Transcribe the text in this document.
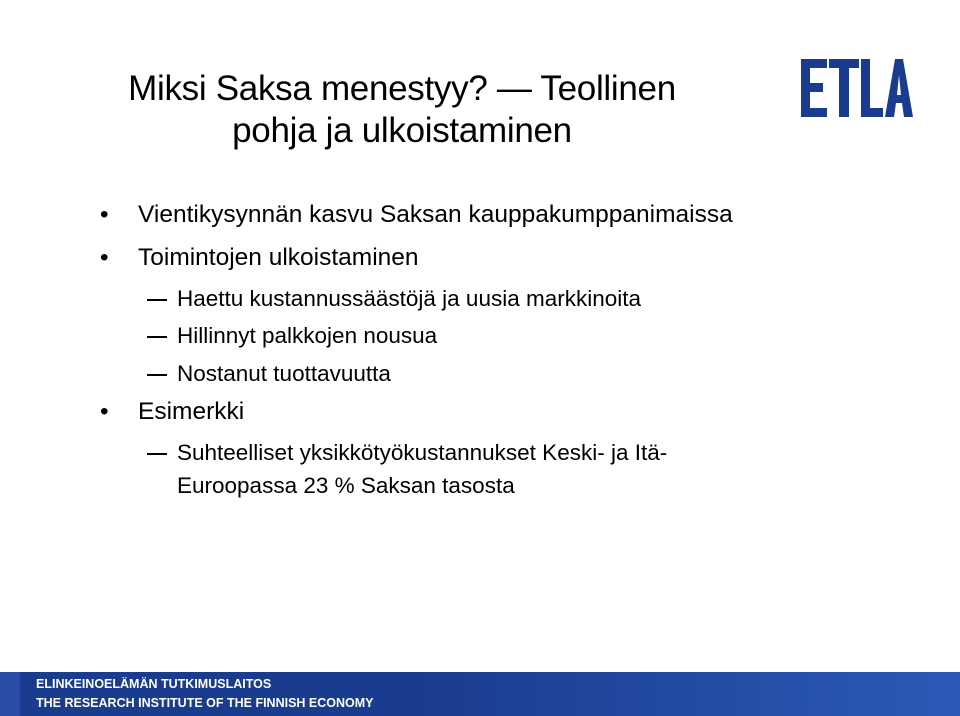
Miksi Saksa menestyy? — Teollinen
pohja ja ulkoistaminen
• Vientikysynnän kasvu Saksan kauppakumppanimaissa
• Toimintojen ulkoistaminen
Haettu kustannussäästöjä ja uusia markkinoita
Hillinnyt palkkojen nousua
Nostanut tuottavuutta
• Esimerkki
Suhteelliset yksikkötyökustannukset Keski- ja Itä-
Euroopassa 23 % Saksan tasosta
ELINKEINOELÄMÄN TUTKIMUSLAITOS
THE RESEARCH INSTITUTE OF THE FINNISH ECONOMY
